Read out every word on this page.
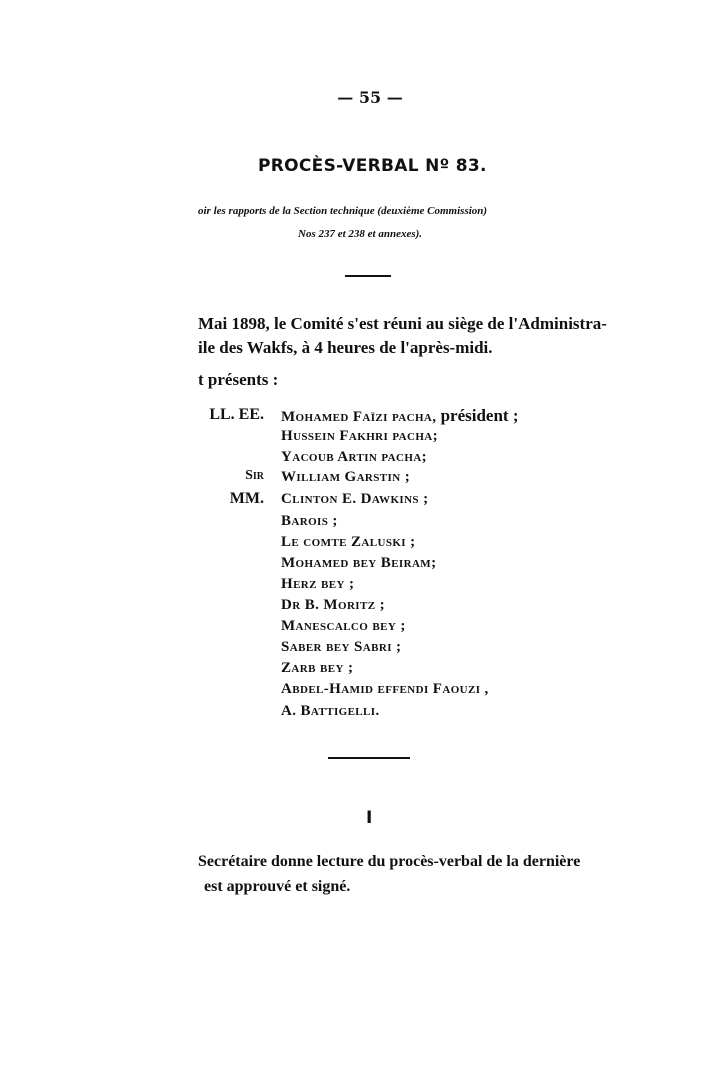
— 55 —
PROCÈS-VERBAL Nº 83.
oir les rapports de la Section technique (deuxième Commission)
Nos 237 et 238 et annexes).
Mai 1898, le Comité s'est réuni au siège de l'Administra-
ile des Wakfs, à 4 heures de l'après-midi.
t présents :
LL. EE.
Sir
MM.
Mohamed Faïzi pacha, président ;
Hussein Fakhri pacha;
Yacoub Artin pacha;
William Garstin ;
Clinton E. Dawkins ;
Barois ;
Le comte Zaluski ;
Mohamed bey Beiram;
Herz bey ;
Dr B. Moritz ;
Manescalco bey ;
Saber bey Sabri ;
Zarb bey ;
Abdel-Hamid effendi Faouzi ,
A. Battigelli.
I
Secrétaire donne lecture du procès-verbal de la dernière
est approuvé et signé.
